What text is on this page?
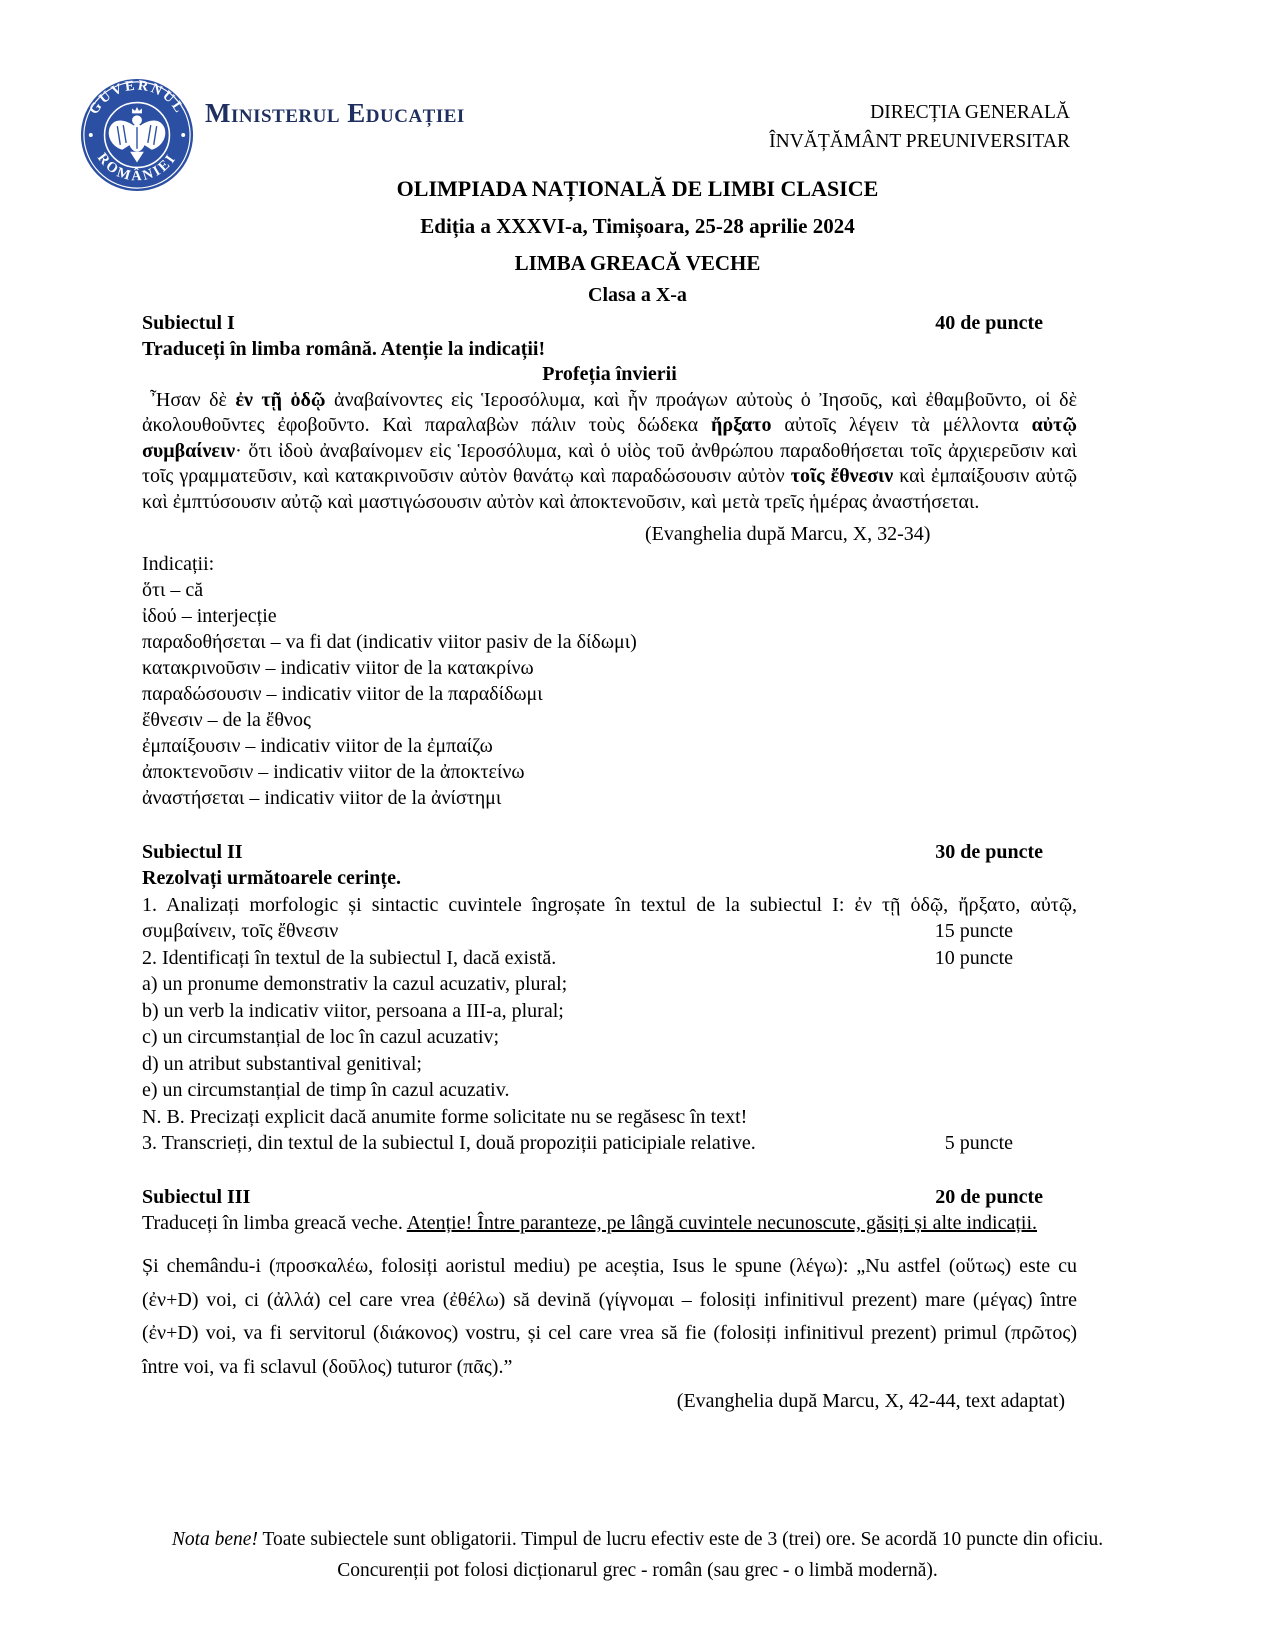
GUVERNUL
ROMÂNIEI
Ministerul Educației	DIRECȚIA GENERALĂ
ÎNVĂȚĂMÂNT PREUNIVERSITAR
OLIMPIADA NAȚIONALĂ DE LIMBI CLASICE
Ediția a XXXVI-a, Timișoara, 25-28 aprilie 2024
LIMBA GREACĂ VECHE
Clasa a X-a
Subiectul I	40 de puncte
Traduceți în limba română. Atenție la indicații!
Profeția învierii
Ἦσαν δὲ ἐν τῇ ὁδῷ ἀναβαίνοντες εἰς Ἱεροσόλυμα, καὶ ἦν προάγων αὐτοὺς ὁ Ἰησοῦς, καὶ ἐθαμβοῦντο, οἱ δὲ ἀκολουθοῦντες ἐφοβοῦντο. Καὶ παραλαβὼν πάλιν τοὺς δώδεκα ἤρξατο αὐτοῖς λέγειν τὰ μέλλοντα αὐτῷ συμβαίνειν· ὅτι ἰδοὺ ἀναβαίνομεν εἰς Ἱεροσόλυμα, καὶ ὁ υἱὸς τοῦ ἀνθρώπου παραδοθήσεται τοῖς ἀρχιερεῦσιν καὶ τοῖς γραμματεῦσιν, καὶ κατακρινοῦσιν αὐτὸν θανάτῳ καὶ παραδώσουσιν αὐτὸν τοῖς ἔθνεσιν καὶ ἐμπαίξουσιν αὐτῷ καὶ ἐμπτύσουσιν αὐτῷ καὶ μαστιγώσουσιν αὐτὸν καὶ ἀποκτενοῦσιν, καὶ μετὰ τρεῖς ἡμέρας ἀναστήσεται.
(Evanghelia după Marcu, X, 32-34)
Indicații:
ὅτι – că
ἰδού – interjecție
παραδοθήσεται – va fi dat (indicativ viitor pasiv de la δίδωμι)
κατακρινοῦσιν – indicativ viitor de la κατακρίνω
παραδώσουσιν – indicativ viitor de la παραδίδωμι
ἔθνεσιν – de la ἔθνος
ἐμπαίξουσιν – indicativ viitor de la ἐμπαίζω
ἀποκτενοῦσιν – indicativ viitor de la ἀποκτείνω
ἀναστήσεται – indicativ viitor de la ἀνίστημι
Subiectul II	30 de puncte
Rezolvați următoarele cerințe.
1. Analizați morfologic și sintactic cuvintele îngroșate în textul de la subiectul I: ἐν τῇ ὁδῷ, ἤρξατο, αὐτῷ, συμβαίνειν, τοῖς ἔθνεσιν	15 puncte
2. Identificați în textul de la subiectul I, dacă există.	10 puncte
a) un pronume demonstrativ la cazul acuzativ, plural;
b) un verb la indicativ viitor, persoana a III-a, plural;
c) un circumstanțial de loc în cazul acuzativ;
d) un atribut substantival genitival;
e) un circumstanțial de timp în cazul acuzativ.
N. B. Precizați explicit dacă anumite forme solicitate nu se regăsesc în text!
3. Transcrieți, din textul de la subiectul I, două propoziții paticipiale relative.	5 puncte
Subiectul III	20 de puncte
Traduceți în limba greacă veche. Atenție! Între paranteze, pe lângă cuvintele necunoscute, găsiți și alte indicații.
Și chemându-i (προσκαλέω, folosiți aoristul mediu) pe aceștia, Isus le spune (λέγω): „Nu astfel (οὕτως) este cu (ἐν+D) voi, ci (ἀλλά) cel care vrea (ἐθέλω) să devină (γίγνομαι – folosiți infinitivul prezent) mare (μέγας) între (ἐν+D) voi, va fi servitorul (διάκονος) vostru, și cel care vrea să fie (folosiți infinitivul prezent) primul (πρῶτος) între voi, va fi sclavul (δοῦλος) tuturor (πᾶς).”
(Evanghelia după Marcu, X, 42-44, text adaptat)
Nota bene! Toate subiectele sunt obligatorii. Timpul de lucru efectiv este de 3 (trei) ore. Se acordă 10 puncte din oficiu.
Concurenții pot folosi dicționarul grec - român (sau grec - o limbă modernă).
